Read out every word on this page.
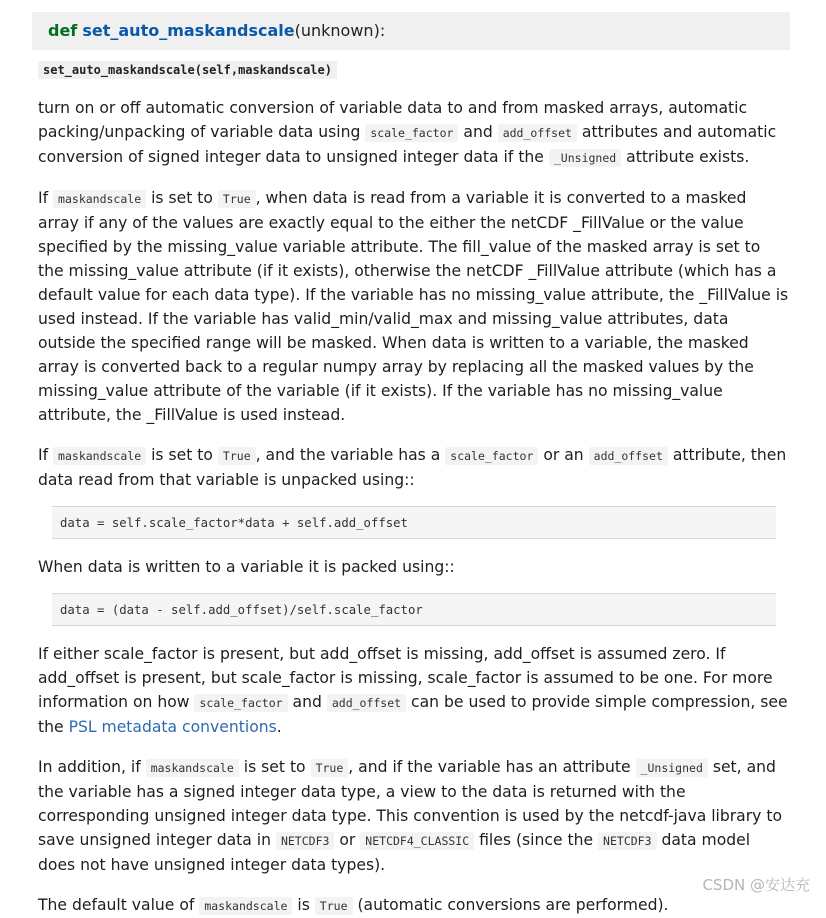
def set_auto_maskandscale(unknown):
set_auto_maskandscale(self,maskandscale)

turn on or off automatic conversion of variable data to and from masked arrays, automatic packing/unpacking of variable data using scale_factor and add_offset attributes and automatic conversion of signed integer data to unsigned integer data if the _Unsigned attribute exists.

If maskandscale is set to True , when data is read from a variable it is converted to a masked array if any of the values are exactly equal to the either the netCDF _FillValue or the value specified by the missing_value variable attribute. The fill_value of the masked array is set to the missing_value attribute (if it exists), otherwise the netCDF _FillValue attribute (which has a default value for each data type). If the variable has no missing_value attribute, the _FillValue is used instead. If the variable has valid_min/valid_max and missing_value attributes, data outside the specified range will be masked. When data is written to a variable, the masked array is converted back to a regular numpy array by replacing all the masked values by the missing_value attribute of the variable (if it exists). If the variable has no missing_value attribute, the _FillValue is used instead.

If maskandscale is set to True , and the variable has a scale_factor or an add_offset attribute, then data read from that variable is unpacked using::

data = self.scale_factor*data + self.add_offset

When data is written to a variable it is packed using::

data = (data - self.add_offset)/self.scale_factor

If either scale_factor is present, but add_offset is missing, add_offset is assumed zero. If add_offset is present, but scale_factor is missing, scale_factor is assumed to be one. For more information on how scale_factor and add_offset can be used to provide simple compression, see the PSL metadata conventions.

In addition, if maskandscale is set to True , and if the variable has an attribute _Unsigned set, and the variable has a signed integer data type, a view to the data is returned with the corresponding unsigned integer data type. This convention is used by the netcdf-java library to save unsigned integer data in NETCDF3 or NETCDF4_CLASSIC files (since the NETCDF3 data model does not have unsigned integer data types).

The default value of maskandscale is True (automatic conversions are performed).

CSDN @安达充
